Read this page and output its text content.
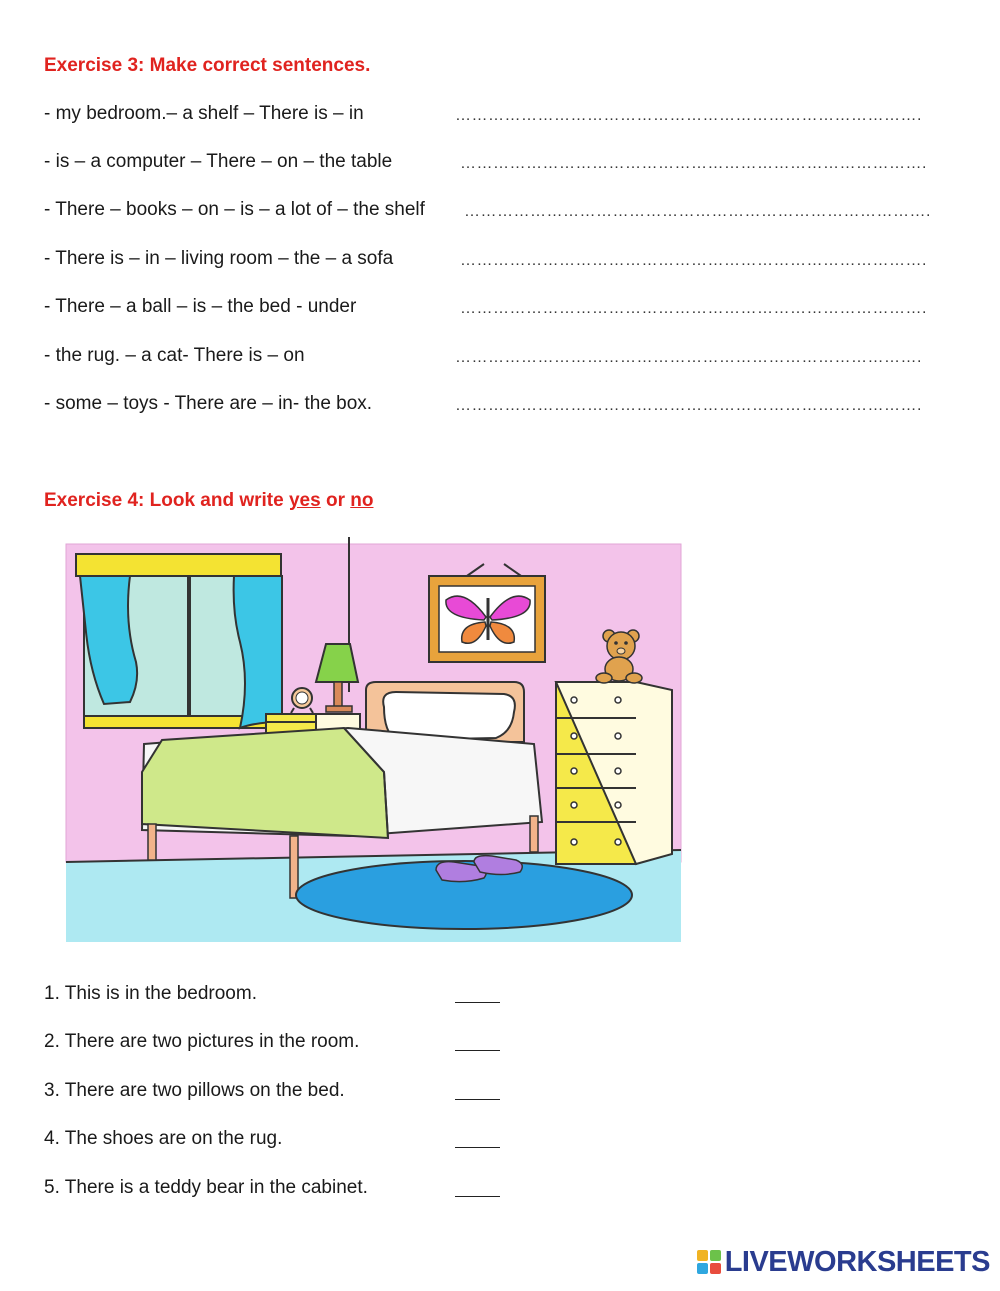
Exercise 3: Make correct sentences.
- my bedroom.– a shelf – There is – in	………………………………………………………………………….
- is – a computer – There – on – the table	………………………………………………………………………….
- There – books – on – is – a lot of – the shelf ………………………………………………………………………….
- There is – in – living room – the – a sofa	………………………………………………………………………….
- There – a ball – is – the bed - under	………………………………………………………………………….
- the rug. – a cat- There is – on	………………………………………………………………………….
- some – toys - There are – in- the box.	………………………………………………………………………….
Exercise 4: Look and write yes or no
1. This is in the bedroom.
2. There are two pictures in the room.
3. There are two pillows on the bed.
4. The shoes are on the rug.
5. There is a teddy bear in the cabinet.
LIVEWORKSHEETS
